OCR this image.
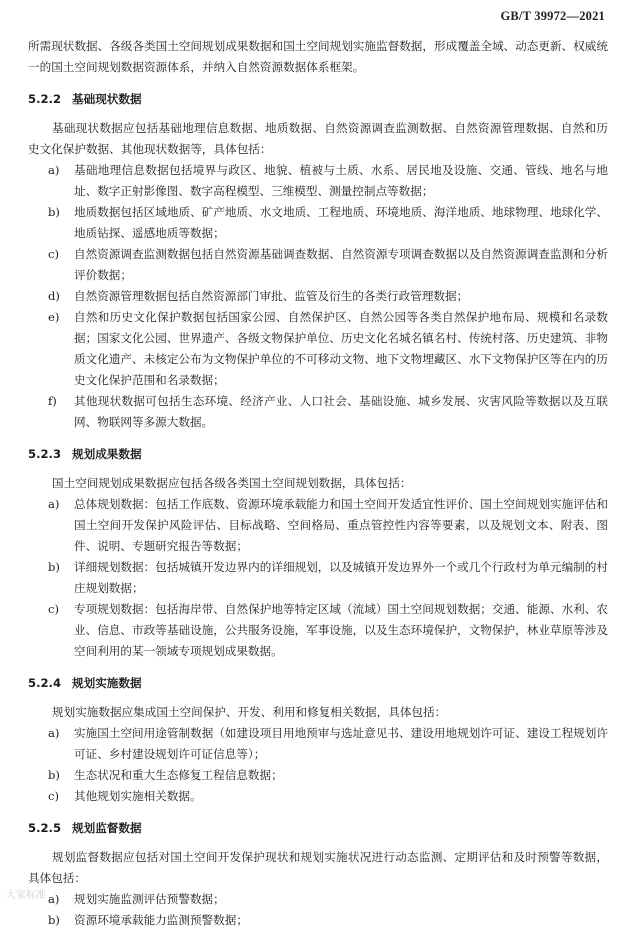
GB/T 39972—2021

所需现状数据、各级各类国土空间规划成果数据和国土空间规划实施监督数据，形成覆盖全域、动态更新、权威统一的国土空间规划数据资源体系，并纳入自然资源数据体系框架。

5.2.2 基础现状数据

基础现状数据应包括基础地理信息数据、地质数据、自然资源调查监测数据、自然资源管理数据、自然和历史文化保护数据、其他现状数据等，具体包括：

a)	基础地理信息数据包括境界与政区、地貌、植被与土质、水系、居民地及设施、交通、管线、地名与地址、数字正射影像图、数字高程模型、三维模型、测量控制点等数据；
b)	地质数据包括区域地质、矿产地质、水文地质、工程地质、环境地质、海洋地质、地球物理、地球化学、地质钻探、遥感地质等数据；
c)	自然资源调查监测数据包括自然资源基础调查数据、自然资源专项调查数据以及自然资源调查监测和分析评价数据；
d)	自然资源管理数据包括自然资源部门审批、监管及衍生的各类行政管理数据；
e)	自然和历史文化保护数据包括国家公园、自然保护区、自然公园等各类自然保护地布局、规模和名录数据；国家文化公园、世界遗产、各级文物保护单位、历史文化名城名镇名村、传统村落、历史建筑、非物质文化遗产、未核定公布为文物保护单位的不可移动文物、地下文物埋藏区、水下文物保护区等在内的历史文化保护范围和名录数据；
f)	其他现状数据可包括生态环境、经济产业、人口社会、基础设施、城乡发展、灾害风险等数据以及互联网、物联网等多源大数据。
5.2.3 规划成果数据

国土空间规划成果数据应包括各级各类国土空间规划数据，具体包括：

a)	总体规划数据：包括工作底数、资源环境承载能力和国土空间开发适宜性评价、国土空间规划实施评估和国土空间开发保护风险评估、目标战略、空间格局、重点管控性内容等要素，以及规划文本、附表、图件、说明、专题研究报告等数据；
b)	详细规划数据：包括城镇开发边界内的详细规划，以及城镇开发边界外一个或几个行政村为单元编制的村庄规划数据；
c)	专项规划数据：包括海岸带、自然保护地等特定区域（流域）国土空间规划数据；交通、能源、水利、农业、信息、市政等基础设施，公共服务设施，军事设施，以及生态环境保护，文物保护，林业草原等涉及空间利用的某一领域专项规划成果数据。
5.2.4 规划实施数据

规划实施数据应集成国土空间保护、开发、利用和修复相关数据，具体包括：

a)	实施国土空间用途管制数据（如建设项目用地预审与选址意见书、建设用地规划许可证、建设工程规划许可证、乡村建设规划许可证信息等）；
b)	生态状况和重大生态修复工程信息数据；
c)	其他规划实施相关数据。
5.2.5 规划监督数据

规划监督数据应包括对国土空间开发保护现状和规划实施状况进行动态监测、定期评估和及时预警等数据，具体包括：

a)	规划实施监测评估预警数据；
b)	资源环境承载能力监测预警数据；
大家标准
